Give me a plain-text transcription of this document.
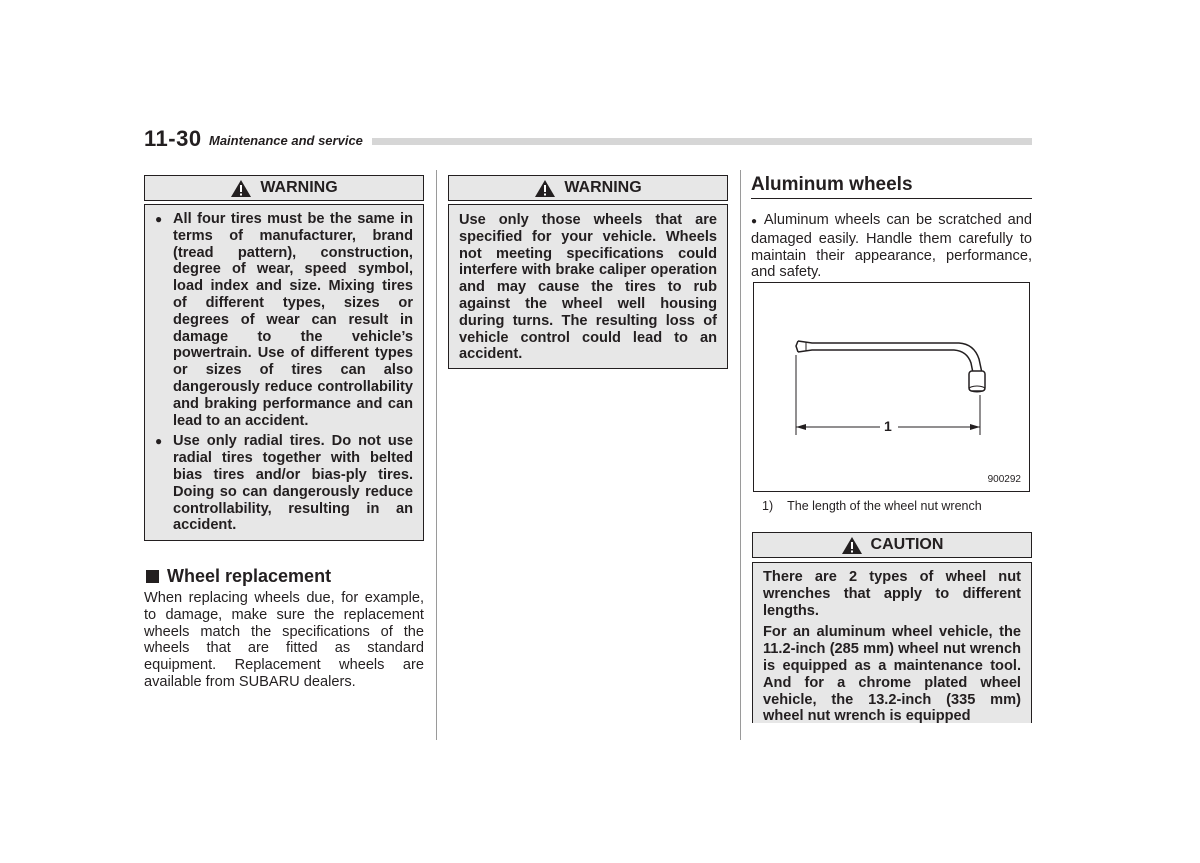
11-30 Maintenance and service
WARNING
● All four tires must be the same in terms of manufacturer, brand (tread pattern), construction, degree of wear, speed symbol, load index and size. Mixing tires of different types, sizes or degrees of wear can result in damage to the vehicle’s powertrain. Use of different types or sizes of tires can also dangerously reduce controllability and braking performance and can lead to an accident.
● Use only radial tires. Do not use radial tires together with belted bias tires and/or bias-ply tires. Doing so can dangerously reduce controllability, resulting in an accident.
Wheel replacement
When replacing wheels due, for example, to damage, make sure the replacement wheels match the specifications of the wheels that are fitted as standard equipment. Replacement wheels are available from SUBARU dealers.
WARNING

Use only those wheels that are specified for your vehicle. Wheels not meeting specifications could interfere with brake caliper operation and may cause the tires to rub against the wheel well housing during turns. The resulting loss of vehicle control could lead to an accident.

Aluminum wheels
● Aluminum wheels can be scratched and damaged easily. Handle them carefully to maintain their appearance, performance, and safety.
1
900292
1) The length of the wheel nut wrench
CAUTION

There are 2 types of wheel nut wrenches that apply to different lengths.

For an aluminum wheel vehicle, the 11.2-inch (285 mm) wheel nut wrench is equipped as a maintenance tool. And for a chrome plated wheel vehicle, the 13.2-inch (335 mm) wheel nut wrench is equipped
